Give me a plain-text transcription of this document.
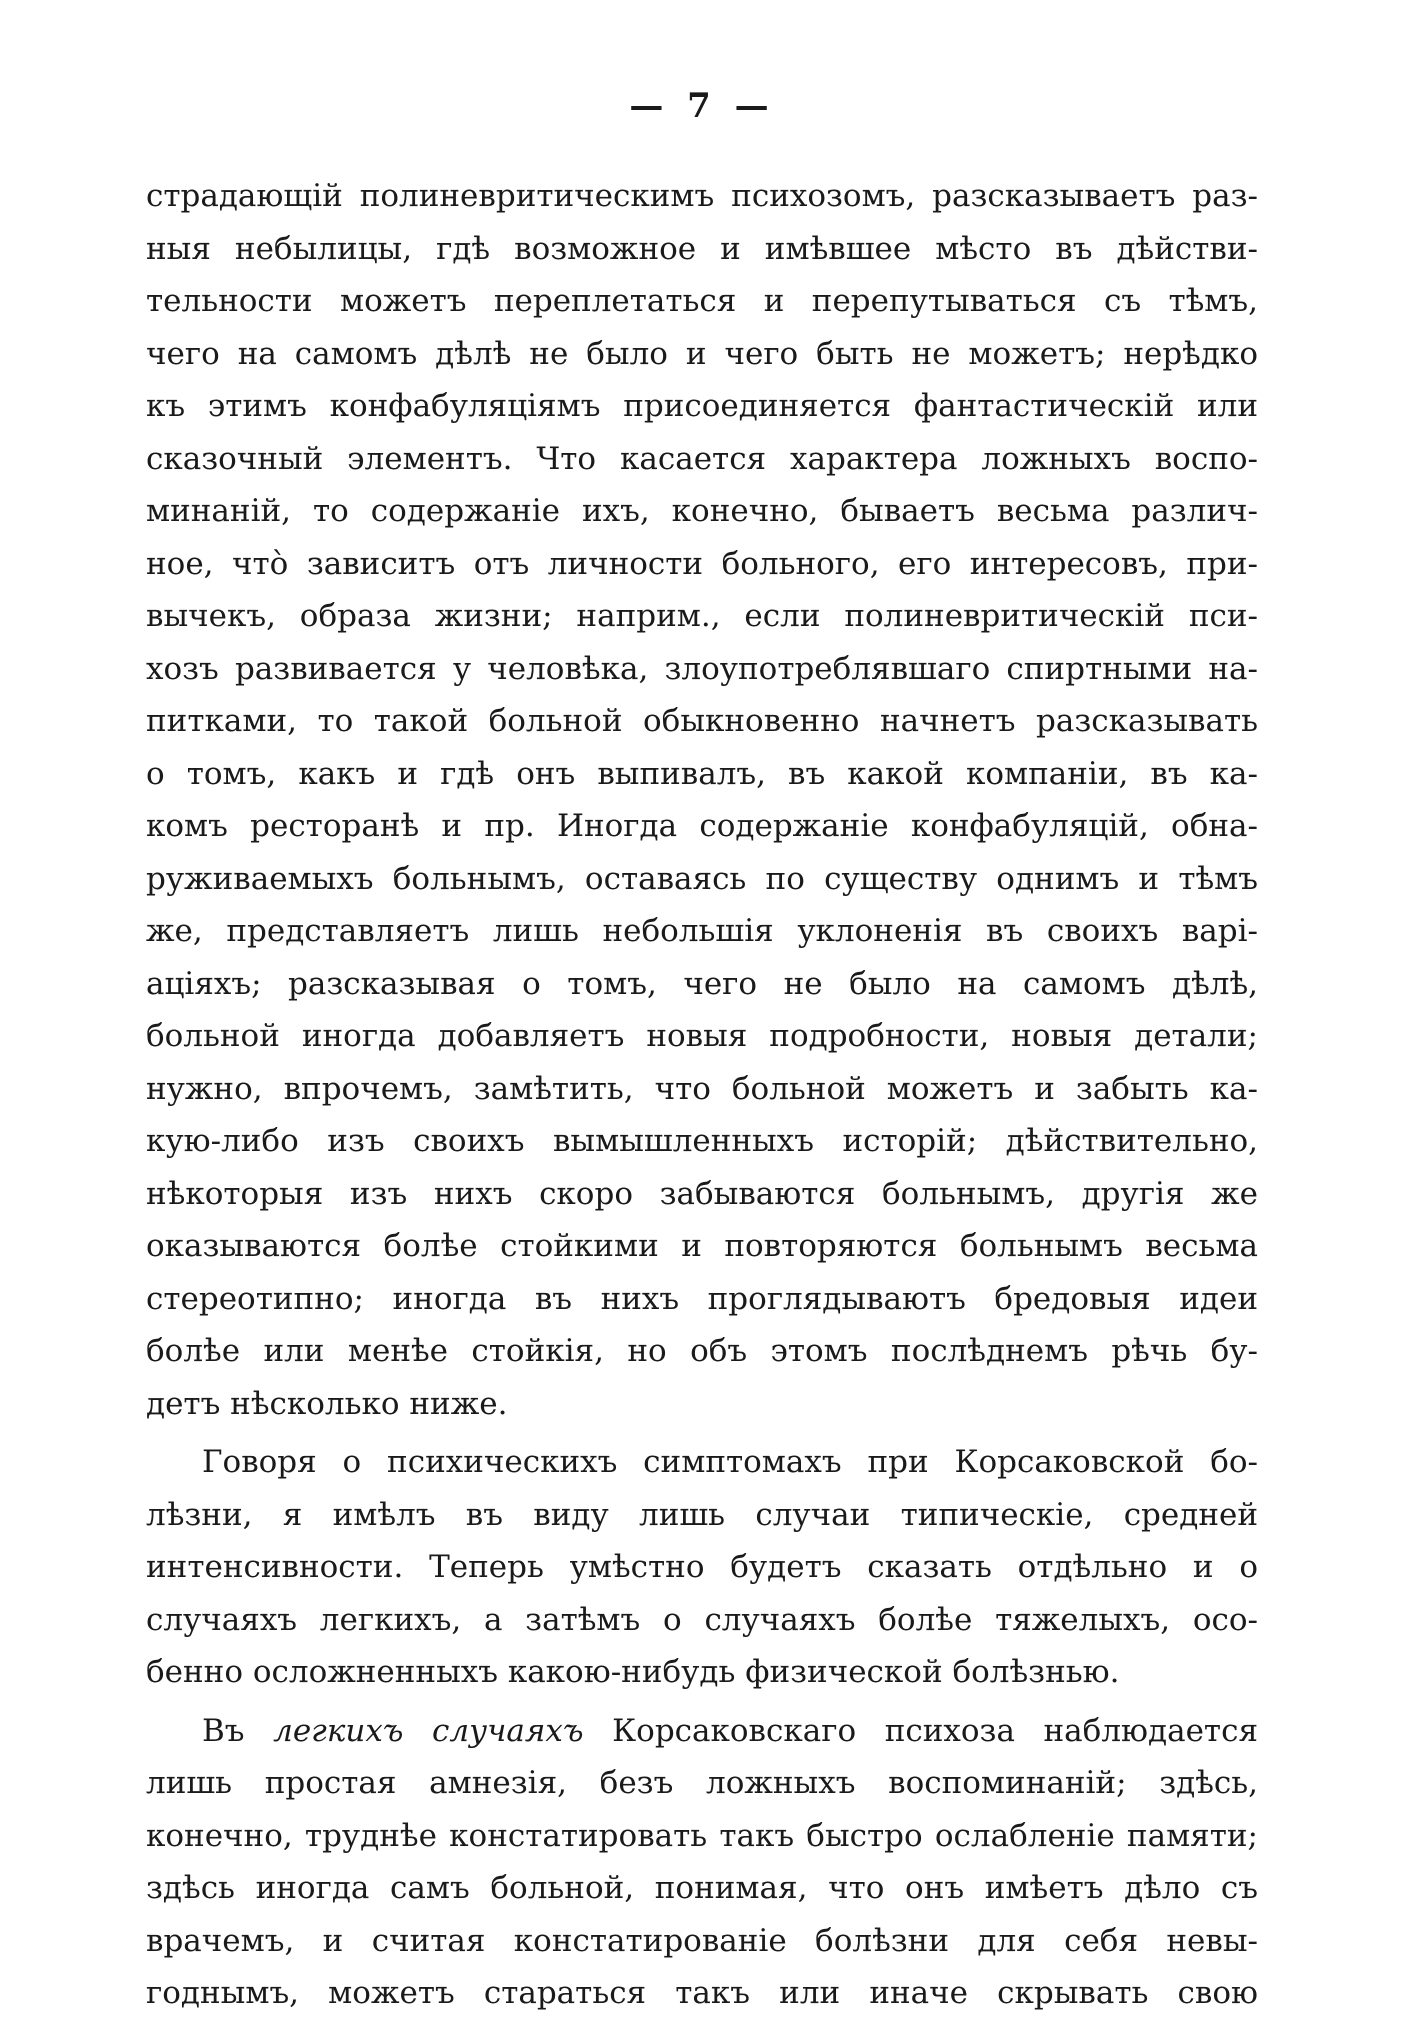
— 7 —
страдающій полиневритическимъ психозомъ, разсказываетъ раз-
ныя небылицы, гдѣ возможное и имѣвшее мѣсто въ дѣйстви-
тельности можетъ переплетаться и перепутываться съ тѣмъ,
чего на самомъ дѣлѣ не было и чего быть не можетъ; нерѣдко
къ этимъ конфабуляціямъ присоединяется фантастическій или
сказочный элементъ. Что касается характера ложныхъ воспо-
минаній, то содержаніе ихъ, конечно, бываетъ весьма различ-
ное, чтò зависитъ отъ личности больного, его интересовъ, при-
вычекъ, образа жизни; наприм., если полиневритическій пси-
хозъ развивается у человѣка, злоупотреблявшаго спиртными на-
питками, то такой больной обыкновенно начнетъ разсказывать
о томъ, какъ и гдѣ онъ выпивалъ, въ какой компаніи, въ ка-
комъ ресторанѣ и пр. Иногда содержаніе конфабуляцій, обна-
руживаемыхъ больнымъ, оставаясь по существу однимъ и тѣмъ
же, представляетъ лишь небольшія уклоненія въ своихъ варі-
аціяхъ; разсказывая о томъ, чего не было на самомъ дѣлѣ,
больной иногда добавляетъ новыя подробности, новыя детали;
нужно, впрочемъ, замѣтить, что больной можетъ и забыть ка-
кую-либо изъ своихъ вымышленныхъ исторій; дѣйствительно,
нѣкоторыя изъ нихъ скоро забываются больнымъ, другія же
оказываются болѣе стойкими и повторяются больнымъ весьма
стереотипно; иногда въ нихъ проглядываютъ бредовыя идеи
болѣе или менѣе стойкія, но объ этомъ послѣднемъ рѣчь бу-
детъ нѣсколько ниже.
Говоря о психическихъ симптомахъ при Корсаковской бо-
лѣзни, я имѣлъ въ виду лишь случаи типическіе, средней
интенсивности. Теперь умѣстно будетъ сказать отдѣльно и о
случаяхъ легкихъ, а затѣмъ о случаяхъ болѣе тяжелыхъ, осо-
бенно осложненныхъ какою-нибудь физической болѣзнью.
Въ легкихъ случаяхъ Корсаковскаго психоза наблюдается
лишь простая амнезія, безъ ложныхъ воспоминаній; здѣсь,
конечно, труднѣе констатировать такъ быстро ослабленіе памяти;
здѣсь иногда самъ больной, понимая, что онъ имѣетъ дѣло съ
врачемъ, и считая констатированіе болѣзни для себя невы-
годнымъ, можетъ стараться такъ или иначе скрывать свою
